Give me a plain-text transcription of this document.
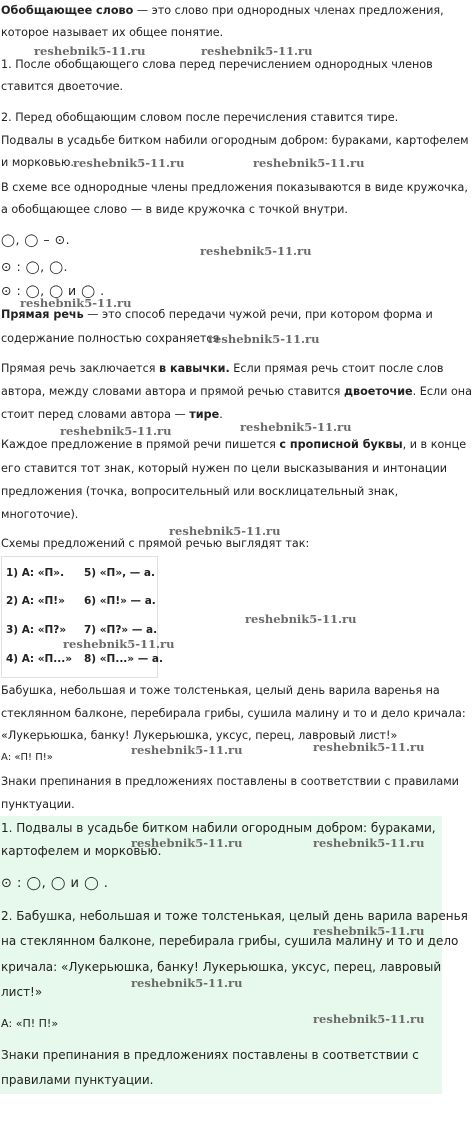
Обобщающее слово — это слово при однородных членах предложения,
которое называет их общее понятие.
1. После обобщающего слова перед перечислением однородных членов
ставится двоеточие.
2. Перед обобщающим словом после перечисления ставится тире.
Подвалы в усадьбе битком набили огородным добром: бураками, картофелем
и морковью.
В схеме все однородные члены предложения показываются в виде кружочка,
а обобщающее слово — в виде кружочка с точкой внутри.
◯, ◯ – ⊙.
⊙ : ◯, ◯.
⊙ : ◯, ◯ и ◯ .
Прямая речь — это способ передачи чужой речи, при котором форма и
содержание полностью сохраняется
Прямая речь заключается в кавычки. Если прямая речь стоит после слов
автора, между словами автора и прямой речью ставится двоеточие. Если она
стоит перед словами автора — тире.
Каждое предложение в прямой речи пишется с прописной буквы, и в конце
его ставится тот знак, который нужен по цели высказывания и интонации
предложения (точка, вопросительный или восклицательный знак,
многоточие).
Схемы предложений с прямой речью выглядят так:
1) А: «П». 5) «П», — а.
2) А: «П!» 6) «П!» — а.
3) А: «П?» 7) «П?» — а.
4) А: «П...» 8) «П...» — а.
Бабушка, небольшая и тоже толстенькая, целый день варила варенья на
стеклянном балконе, перебирала грибы, сушила малину и то и дело кричала:
«Лукерьюшка, банку! Лукерьюшка, уксус, перец, лавровый лист!»
А: «П! П!»
Знаки препинания в предложениях поставлены в соответствии с правилами
пунктуации.
1. Подвалы в усадьбе битком набили огородным добром: бураками,
картофелем и морковью.
⊙ : ◯, ◯ и ◯ .
2. Бабушка, небольшая и тоже толстенькая, целый день варила варенья
на стеклянном балконе, перебирала грибы, сушила малину и то и дело
кричала: «Лукерьюшка, банку! Лукерьюшка, уксус, перец, лавровый
лист!»
А: «П! П!»
Знаки препинания в предложениях поставлены в соответствии с
правилами пунктуации.
reshebnik5-11.ru	reshebnik5-11.ru
reshebnik5-11.ru	reshebnik5-11.ru
reshebnik5-11.ru
reshebnik5-11.ru
reshebnik5-11.ru
reshebnik5-11.ru
reshebnik5-11.ru
reshebnik5-11.ru
reshebnik5-11.ru
reshebnik5-11.ru
reshebnik5-11.ru	reshebnik5-11.ru
reshebnik5-11.ru	reshebnik5-11.ru
reshebnik5-11.ru
reshebnik5-11.ru
reshebnik5-11.ru
